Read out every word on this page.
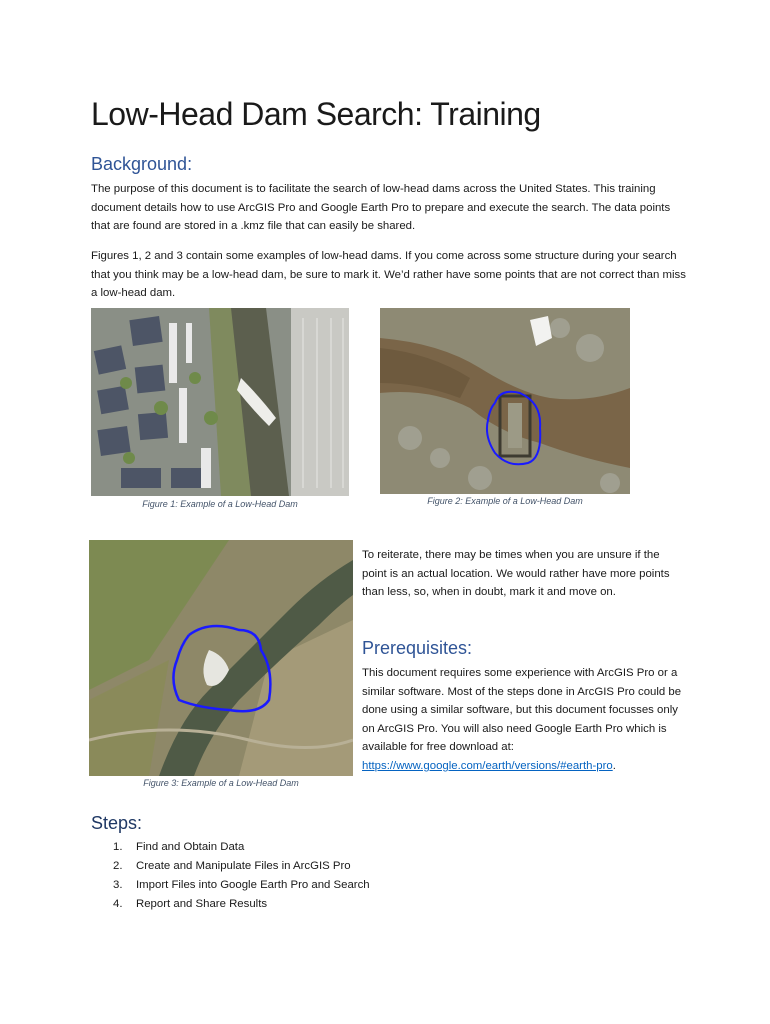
Low-Head Dam Search: Training
Background:
The purpose of this document is to facilitate the search of low-head dams across the United States. This training document details how to use ArcGIS Pro and Google Earth Pro to prepare and execute the search. The data points that are found are stored in a .kmz file that can easily be shared.
Figures 1, 2 and 3 contain some examples of low-head dams. If you come across some structure during your search that you think may be a low-head dam, be sure to mark it. We’d rather have some points that are not correct than miss a low-head dam.
Figure 1: Example of a Low-Head Dam	Figure 2: Example of a Low-Head Dam
Figure 3: Example of a Low-Head Dam
To reiterate, there may be times when you are unsure if the point is an actual location. We would rather have more points than less, so, when in doubt, mark it and move on.
Prerequisites:
This document requires some experience with ArcGIS Pro or a similar software. Most of the steps done in ArcGIS Pro could be done using a similar software, but this document focusses only on ArcGIS Pro. You will also need Google Earth Pro which is available for free download at: https://www.google.com/earth/versions/#earth-pro.
Steps:
1. Find and Obtain Data
2. Create and Manipulate Files in ArcGIS Pro
3. Import Files into Google Earth Pro and Search
4. Report and Share Results
